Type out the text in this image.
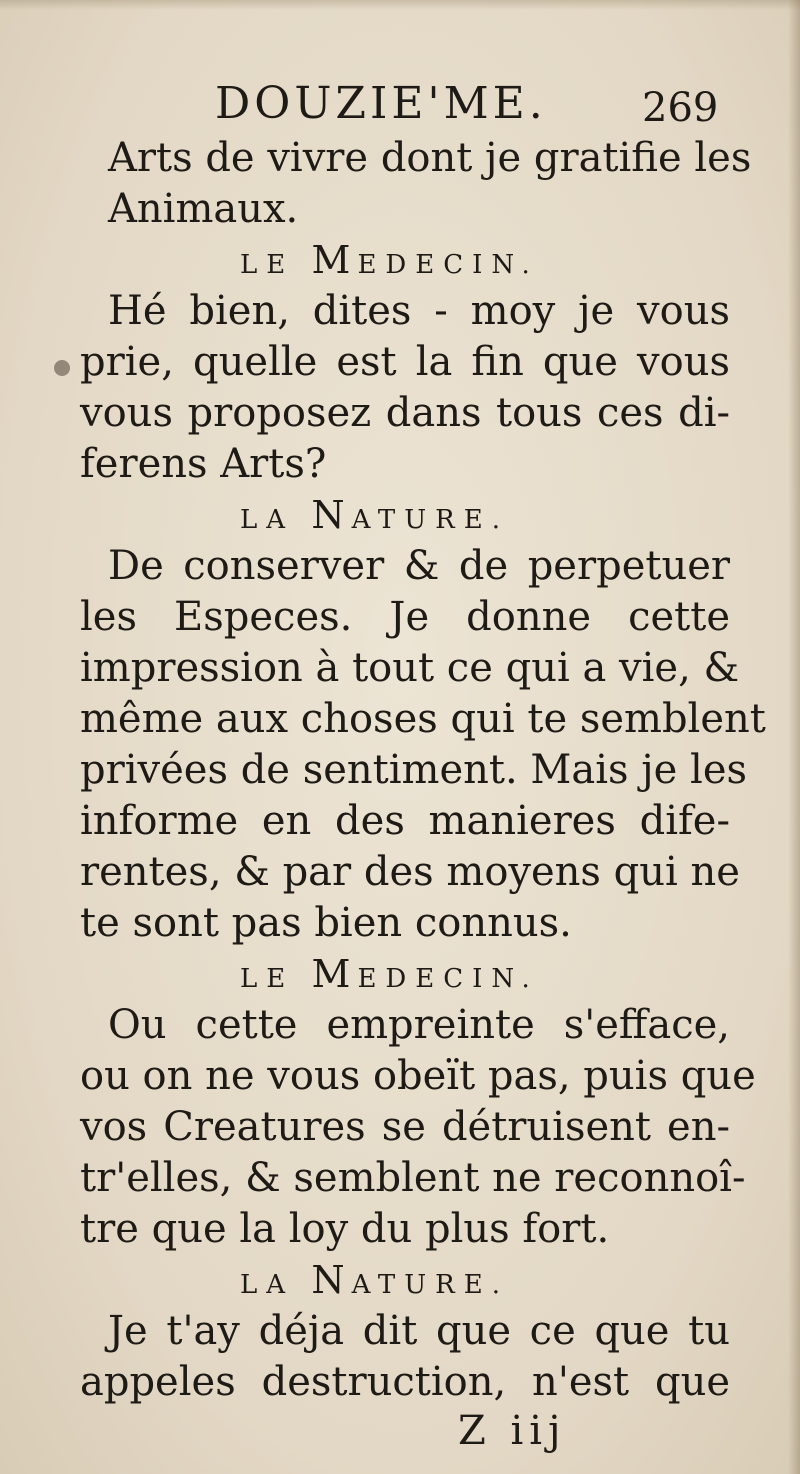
DOUZIE'ME. 269
Arts de vivre dont je gratifie les
Animaux.
LE MEDECIN.
Hé bien, dites - moy je vous
prie, quelle est la fin que vous
vous proposez dans tous ces di-
ferens Arts?
LA NATURE.
De conserver & de perpetuer
les Especes. Je donne cette
impression à tout ce qui a vie, &
même aux choses qui te semblent
privées de sentiment. Mais je les
informe en des manieres dife-
rentes, & par des moyens qui ne
te sont pas bien connus.
LE MEDECIN.
Ou cette empreinte s'efface,
ou on ne vous obeït pas, puis que
vos Creatures se détruisent en-
tr'elles, & semblent ne reconnoî-
tre que la loy du plus fort.
LA NATURE.
Je t'ay déja dit que ce que tu
appeles destruction, n'est que
Z iij
